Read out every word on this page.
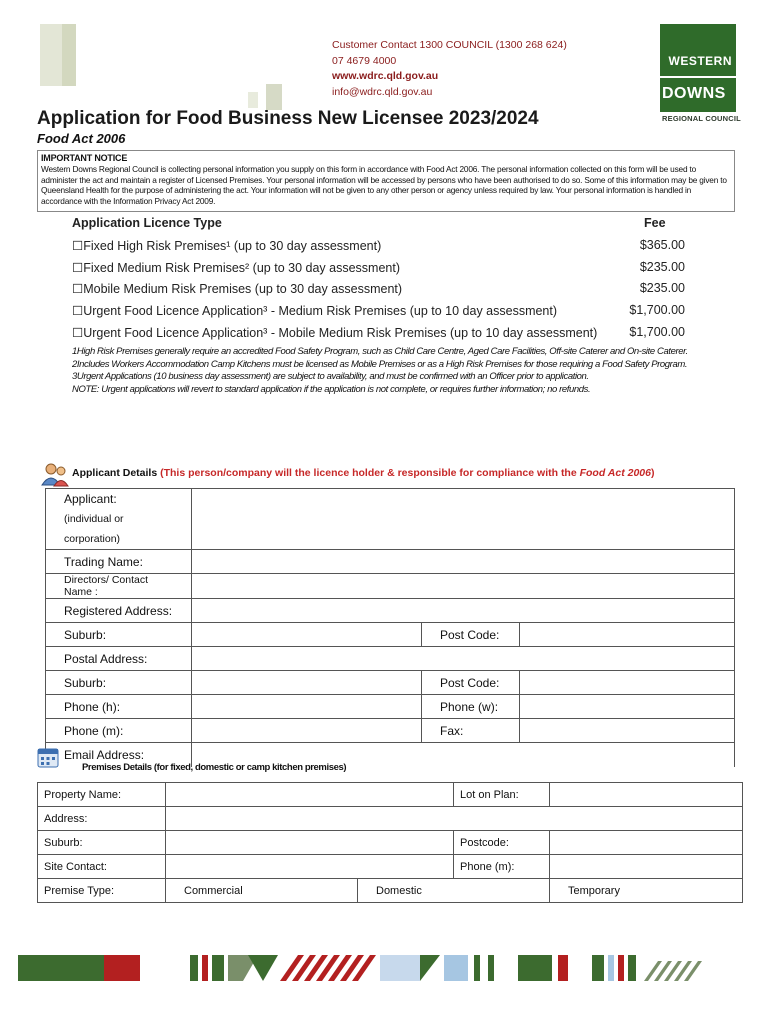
Customer Contact 1300 COUNCIL (1300 268 624)
07 4679 4000
www.wdrc.qld.gov.au
info@wdrc.qld.gov.au
WESTERN
DOWNS
REGIONAL COUNCIL
Application for Food Business New Licensee 2023/2024
Food Act 2006
IMPORTANT NOTICE
Western Downs Regional Council is collecting personal information you supply on this form in accordance with Food Act 2006. The personal information collected on this form will be used to administer the act and maintain a register of Licensed Premises. Your personal information will be accessed by persons who have been authorised to do so. Some of this information may be given to Queensland Health for the purpose of administering the act. Your information will not be given to any other person or agency unless required by law. Your personal information is handled in accordance with the Information Privacy Act 2009.
Application Licence Type	Fee
☐Fixed High Risk Premises¹ (up to 30 day assessment)	$365.00
☐Fixed Medium Risk Premises² (up to 30 day assessment)	$235.00
☐Mobile Medium Risk Premises (up to 30 day assessment)	$235.00
☐Urgent Food Licence Application³ - Medium Risk Premises (up to 10 day assessment)	$1,700.00
☐Urgent Food Licence Application³ - Mobile Medium Risk Premises (up to 10 day assessment)	$1,700.00
1High Risk Premises generally require an accredited Food Safety Program, such as Child Care Centre, Aged Care Facilities, Off-site Caterer and On-site Caterer.
2Includes Workers Accommodation Camp Kitchens must be licensed as Mobile Premises or as a High Risk Premises for those requiring a Food Safety Program.
3Urgent Applications (10 business day assessment) are subject to availability, and must be confirmed with an Officer prior to application.
NOTE: Urgent applications will revert to standard application if the application is not complete, or requires further information; no refunds.
Applicant Details (This person/company will the licence holder & responsible for compliance with the Food Act 2006)
Applicant:
(individual or corporation)			

Trading Name:			
Directors/ Contact Name :			
Registered Address:			
Suburb:		Post Code:	
Postal Address:			
Suburb:		Post Code:	
Phone (h):		Phone (w):	
Phone (m):		Fax:	
Email Address:			
Premises Details (for fixed, domestic or camp kitchen premises)
Property Name:			Lot on Plan:	
Address:				
Suburb:			Postcode:	
Site Contact:			Phone (m):	
Premise Type:	Commercial	Domestic		Temporary
